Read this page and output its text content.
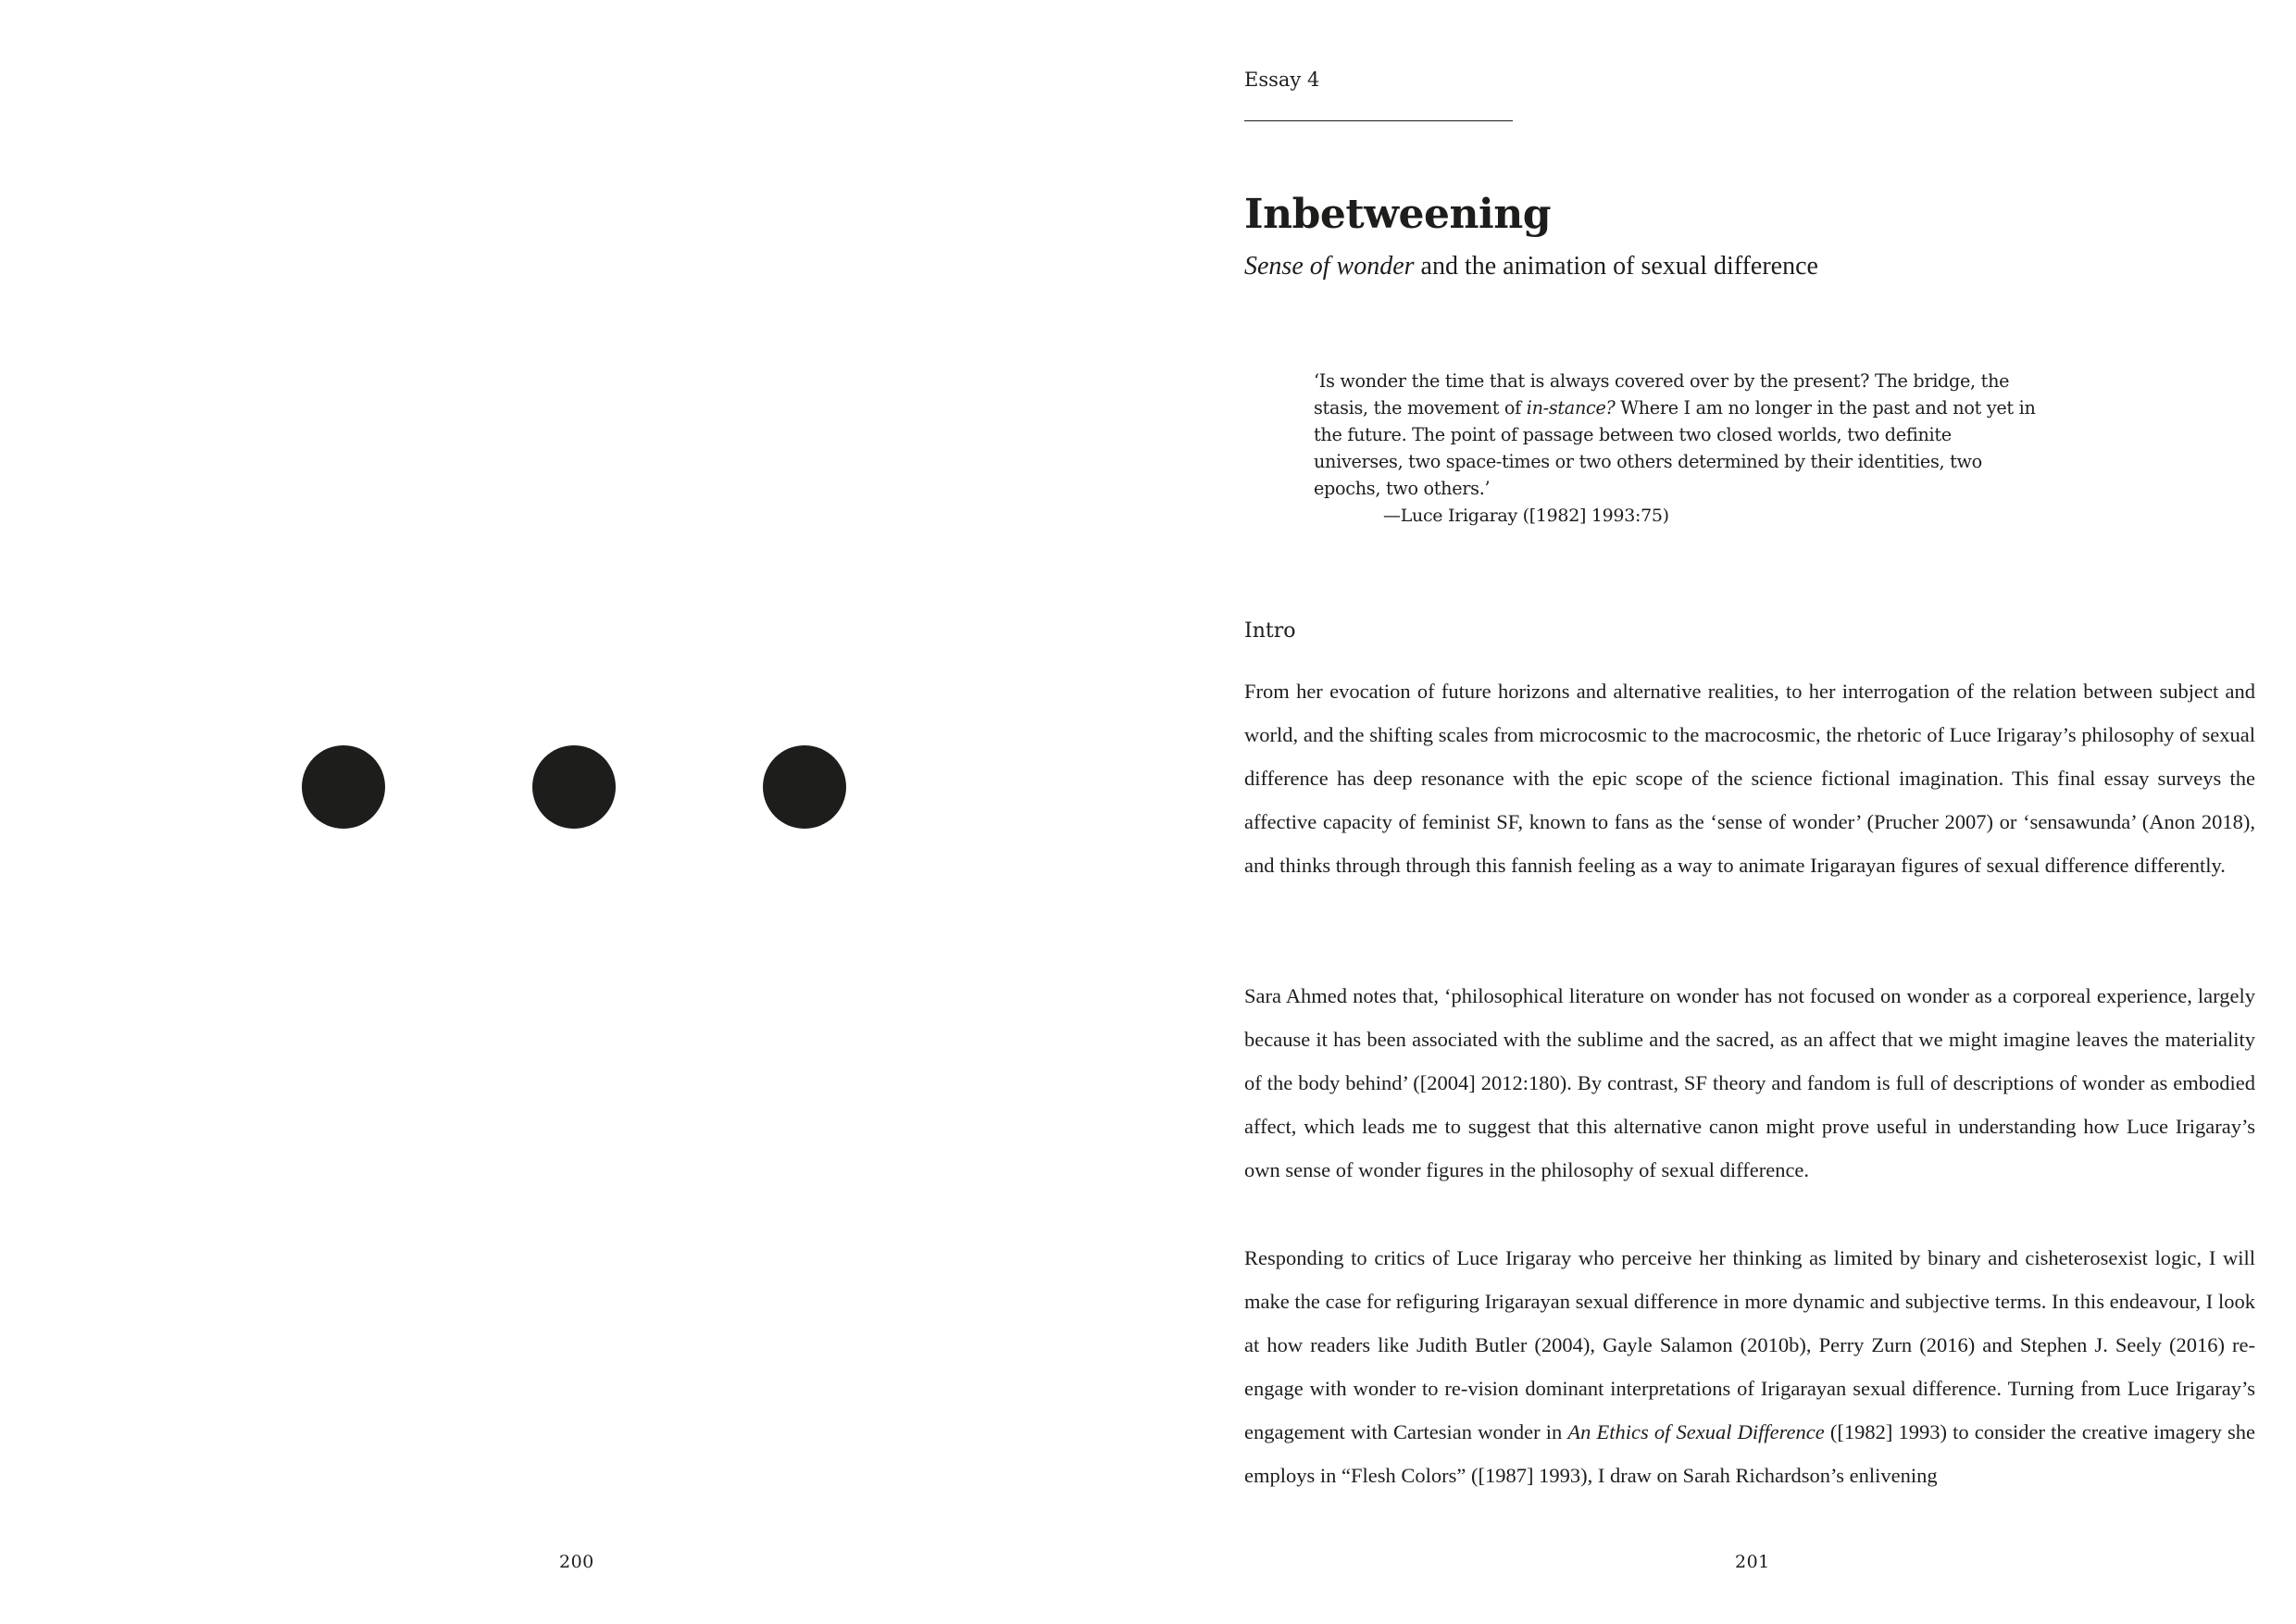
200
Essay 4
Inbetweening
Sense of wonder and the animation of sexual difference

‘Is wonder the time that is always covered over by the present? The bridge, the stasis, the movement of in-stance? Where I am no longer in the past and not yet in the future. The point of passage between two closed worlds, two definite universes, two space-times or two others determined by their identities, two epochs, two others.’

—Luce Irigaray ([1982] 1993:75)
Intro

From her evocation of future horizons and alternative realities, to her interrogation of the relation between subject and world, and the shifting scales from microcosmic to the macrocosmic, the rhetoric of Luce Irigaray’s philosophy of sexual difference has deep resonance with the epic scope of the science fictional imagination. This final essay surveys the affective capacity of feminist SF, known to fans as the ‘sense of wonder’ (Prucher 2007) or ‘sensawunda’ (Anon 2018), and thinks through through this fannish feeling as a way to animate Irigarayan figures of sexual difference differently.

Sara Ahmed notes that, ‘philosophical literature on wonder has not focused on wonder as a corporeal experience, largely because it has been associated with the sublime and the sacred, as an affect that we might imagine leaves the materiality of the body behind’ ([2004] 2012:180). By contrast, SF theory and fandom is full of descriptions of wonder as embodied affect, which leads me to suggest that this alternative canon might prove useful in understanding how Luce Irigaray’s own sense of wonder figures in the philosophy of sexual difference.

Responding to critics of Luce Irigaray who perceive her thinking as limited by binary and cisheterosexist logic, I will make the case for refiguring Irigarayan sexual difference in more dynamic and subjective terms. In this endeavour, I look at how readers like Judith Butler (2004), Gayle Salamon (2010b), Perry Zurn (2016) and Stephen J. Seely (2016) re-engage with wonder to re-vision dominant interpretations of Irigarayan sexual difference. Turning from Luce Irigaray’s engagement with Cartesian wonder in An Ethics of Sexual Difference ([1982] 1993) to consider the creative imagery she employs in “Flesh Colors” ([1987] 1993), I draw on Sarah Richardson’s enlivening

201
